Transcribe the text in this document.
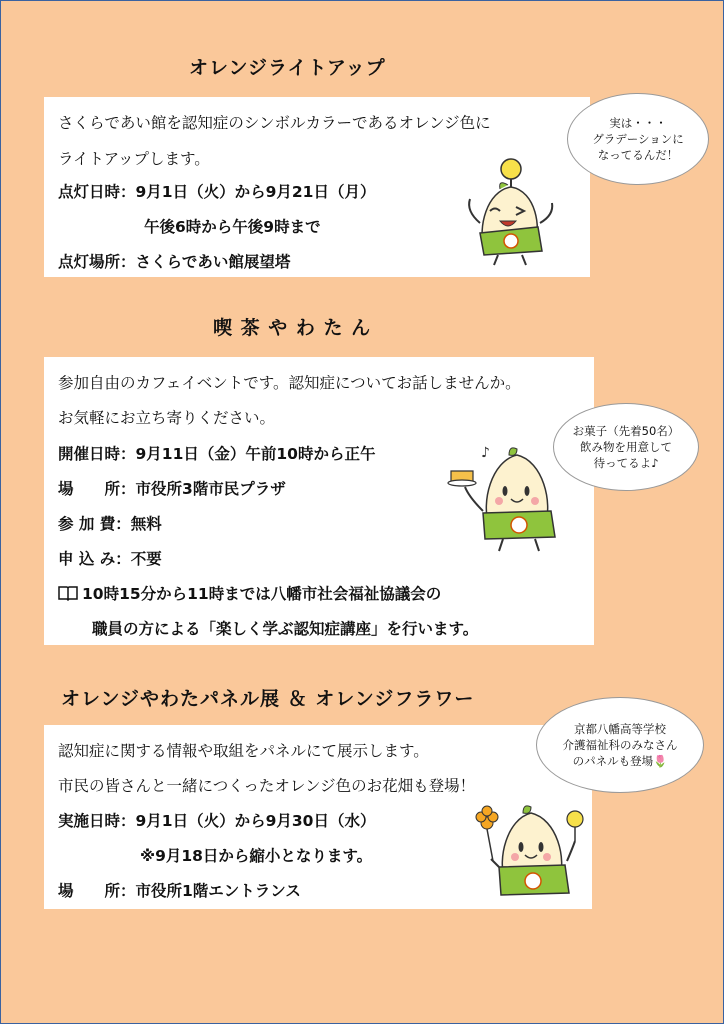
オレンジライトアップ
さくらであい館を認知症のシンボルカラーであるオレンジ色に
ライトアップします。
点灯日時：9月1日（火）から9月21日（月）
午後6時から午後9時まで
点灯場所：さくらであい館展望塔
実は・・・
グラデーションに
なってるんだ！
喫 茶 や わ た ん
参加自由のカフェイベントです。認知症についてお話しませんか。
お気軽にお立ち寄りください。
開催日時：9月11日（金）午前10時から正午
場　　所：市役所3階市民プラザ
参 加 費：無料
申 込 み：不要
10時15分から11時までは八幡市社会福祉協議会の
職員の方による「楽しく学ぶ認知症講座」を行います。
お菓子（先着50名）
飲み物を用意して
待ってるよ♪
♪
オレンジやわたパネル展 ＆ オレンジフラワー
認知症に関する情報や取組をパネルにて展示します。
市民の皆さんと一緒につくったオレンジ色のお花畑も登場！
実施日時：9月1日（火）から9月30日（水）
※9月18日から縮小となります。
場　　所：市役所1階エントランス
京都八幡高等学校
介護福祉科のみなさん
のパネルも登場🌷
